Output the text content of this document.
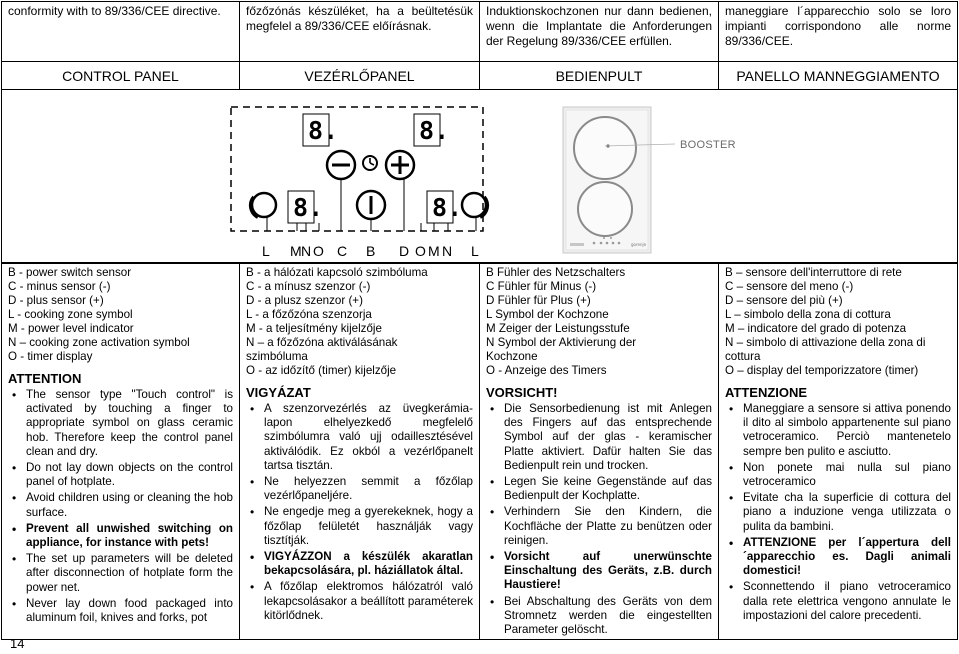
conformity with to 89/336/CEE directive.	főzőzónás készüléket, ha a beültetésük megfelel a 89/336/CEE előírásnak.	Induktionskochzonen nur dann bedienen, wenn die Implantate die Anforderungen der Regelung 89/336/CEE erfüllen.	maneggiare l´apparecchio solo se loro impianti corrispondono alle norme 89/336/CEE.

CONTROL PANEL	VEZÉRLŐPANEL	BEDIENPULT	PANELLO MANNEGGIAMENTO

8.	8.
8.	8.
gorenje
BOOSTER
L M N O C B D O M N L
B - power switch sensor
C - minus sensor (-)
D - plus sensor (+)
L - cooking zone symbol
M - power level indicator
N – cooking zone activation symbol
O - timer display
ATTENTION
• The sensor type "Touch control" is activated by touching a finger to appropriate symbol on glass ceramic hob. Therefore keep the control panel clean and dry.
• Do not lay down objects on the control panel of hotplate.
• Avoid children using or cleaning the hob surface.
• Prevent all unwished switching on appliance, for instance with pets!
• The set up parameters will be deleted after disconnection of hotplate form the power net.
• Never lay down food packaged into aluminum foil, knives and forks, pot

B - a hálózati kapcsoló szimbóluma
C - a mínusz szenzor (-)
D - a plusz szenzor (+)
L - a főzőzóna szenzorja
M - a teljesítmény kijelzője
N – a főzőzóna aktiválásának
szimbóluma
O - az időzítő (timer) kijelzője
VIGYÁZAT
• A szenzorvezérlés az üvegkerámia-lapon elhelyezkedő megfelelő szimbólumra való ujj odaillesztésével aktiválódik. Ez okból a vezérlőpanelt tartsa tisztán.
• Ne helyezzen semmit a főzőlap vezérlőpaneljére.
• Ne engedje meg a gyerekeknek, hogy a főzőlap felületét használják vagy tisztítják.
• VIGYÁZZON a készülék akaratlan bekapcsolására, pl. háziállatok által.
• A főzőlap elektromos hálózatról való lekapcsolásakor a beállított paraméterek kitörlődnek.

B Fühler des Netzschalters
C Fühler für Minus (-)
D Fühler für Plus (+)
L Symbol der Kochzone
M Zeiger der Leistungsstufe
N Symbol der Aktivierung der
Kochzone
O - Anzeige des Timers
VORSICHT!
• Die Sensorbedienung ist mit Anlegen des Fingers auf das entsprechende Symbol auf der glas - keramischer Platte aktiviert. Dafür halten Sie das Bedienpult rein und trocken.
• Legen Sie keine Gegenstände auf das Bedienpult der Kochplatte.
• Verhindern Sie den Kindern, die Kochfläche der Platte zu benützen oder reinigen.
• Vorsicht auf unerwünschte Einschaltung des Geräts, z.B. durch Haustiere!
• Bei Abschaltung des Geräts von dem Stromnetz werden die eingestellten Parameter gelöscht.

B – sensore dell'interruttore di rete
C – sensore del meno (-)
D – sensore del più (+)
L – simbolo della zona di cottura
M – indicatore del grado di potenza
N – simbolo di attivazione della zona di
cottura
O – display del temporizzatore (timer)
ATTENZIONE
• Maneggiare a sensore si attiva ponendo il dito al simbolo appartenente sul piano vetroceramico. Perciò mantenetelo sempre ben pulito e asciutto.
• Non ponete mai nulla sul piano vetroceramico
• Evitate cha la superficie di cottura del piano a induzione venga utilizzata o pulita da bambini.
• ATTENZIONE per l´appertura dell´apparecchio es. Dagli animali domestici!
• Sconnettendo il piano vetroceramico dalla rete elettrica vengono annulate le impostazioni del calore precedenti.
14
